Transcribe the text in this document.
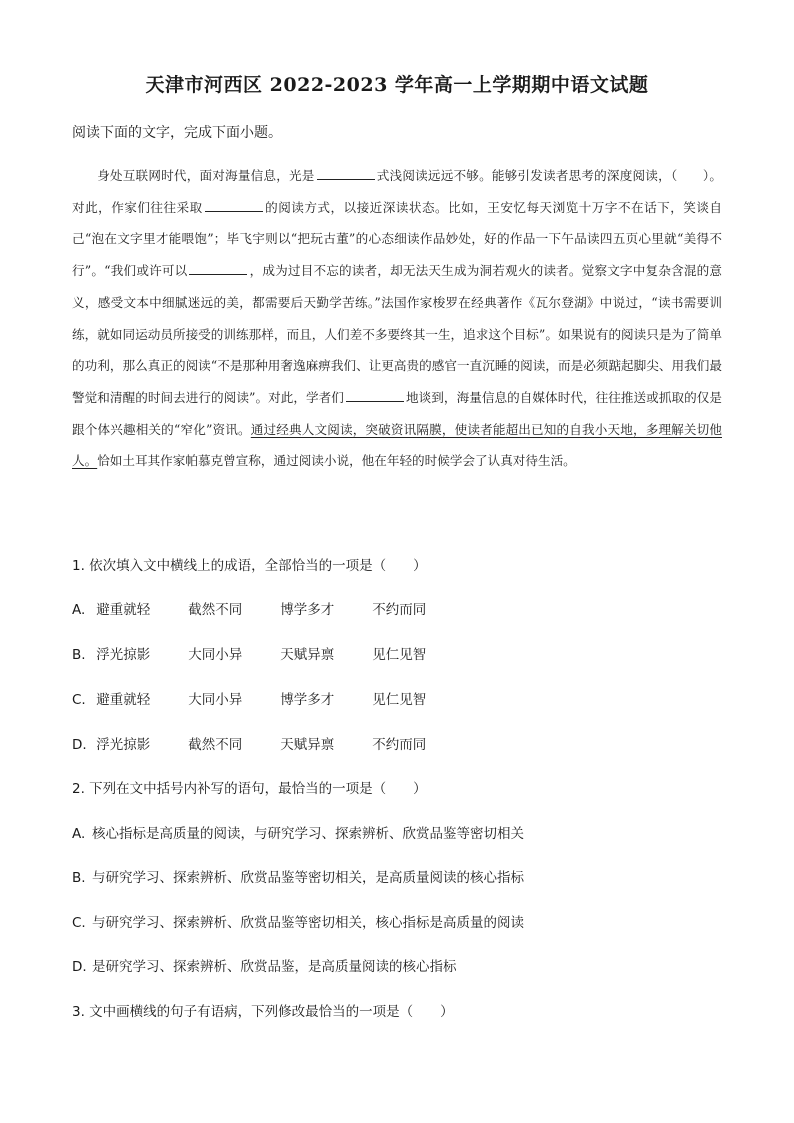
天津市河西区 2022-2023 学年高一上学期期中语文试题
阅读下面的文字，完成下面小题。

身处互联网时代，面对海量信息，光是	式浅阅读远远不够。能够引发读者思考的深度阅读，（　　）。对此，作家们往往采取	的阅读方式，以接近深读状态。比如，王安忆每天浏览十万字不在话下，笑谈自己“泡在文字里才能喂饱”；毕飞宇则以“把玩古董”的心态细读作品妙处，好的作品一下午品读四五页心里就“美得不行”。“我们或许可以	，成为过目不忘的读者，却无法天生成为洞若观火的读者。觉察文字中复杂含混的意义，感受文本中细腻迷远的美，都需要后天勤学苦练。”法国作家梭罗在经典著作《瓦尔登湖》中说过，“读书需要训练，就如同运动员所接受的训练那样，而且，人们差不多要终其一生，追求这个目标”。如果说有的阅读只是为了简单的功利，那么真正的阅读“不是那种用奢逸麻痹我们、让更高贵的感官一直沉睡的阅读，而是必须踮起脚尖、用我们最警觉和清醒的时间去进行的阅读”。对此，学者们	地谈到，海量信息的自媒体时代，往往推送或抓取的仅是跟个体兴趣相关的“窄化”资讯。通过经典人文阅读，突破资讯隔膜，使读者能超出已知的自我小天地，多理解关切他人。恰如土耳其作家帕慕克曾宣称，通过阅读小说，他在年轻的时候学会了认真对待生活。

1. 依次填入文中横线上的成语，全部恰当的一项是（　　）
A. 避重就轻	截然不同	博学多才	不约而同
B. 浮光掠影	大同小异	天赋异禀	见仁见智
C. 避重就轻	大同小异	博学多才	见仁见智
D. 浮光掠影	截然不同	天赋异禀	不约而同
2. 下列在文中括号内补写的语句，最恰当的一项是（　　）
A. 核心指标是高质量的阅读，与研究学习、探索辨析、欣赏品鉴等密切相关
B. 与研究学习、探索辨析、欣赏品鉴等密切相关，是高质量阅读的核心指标
C. 与研究学习、探索辨析、欣赏品鉴等密切相关，核心指标是高质量的阅读
D. 是研究学习、探索辨析、欣赏品鉴，是高质量阅读的核心指标
3. 文中画横线的句子有语病，下列修改最恰当的一项是（　　）
